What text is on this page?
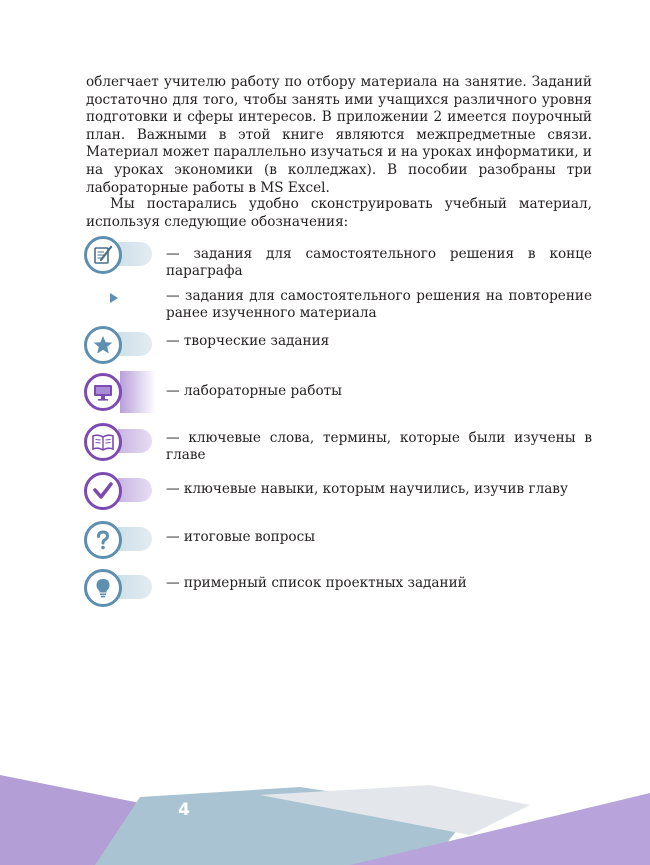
облегчает учителю работу по отбору материала на занятие. Заданий достаточно для того, чтобы занять ими учащихся различного уровня подготовки и сферы интересов. В приложении 2 имеется поурочный план. Важными в этой книге являются межпредметные связи. Материал может параллельно изучаться и на уроках информатики, и на уроках экономики (в колледжах). В пособии разобраны три лабораторные работы в MS Excel.

Мы постарались удобно сконструировать учебный материал, используя следующие обозначения:

— задания для самостоятельного решения в конце параграфа

— задания для самостоятельного решения на повторение ранее изученного материала

— творческие задания

— лабораторные работы

— ключевые слова, термины, которые были изучены в главе

— ключевые навыки, которым научились, изучив главу

— итоговые вопросы

— примерный список проектных заданий

4
